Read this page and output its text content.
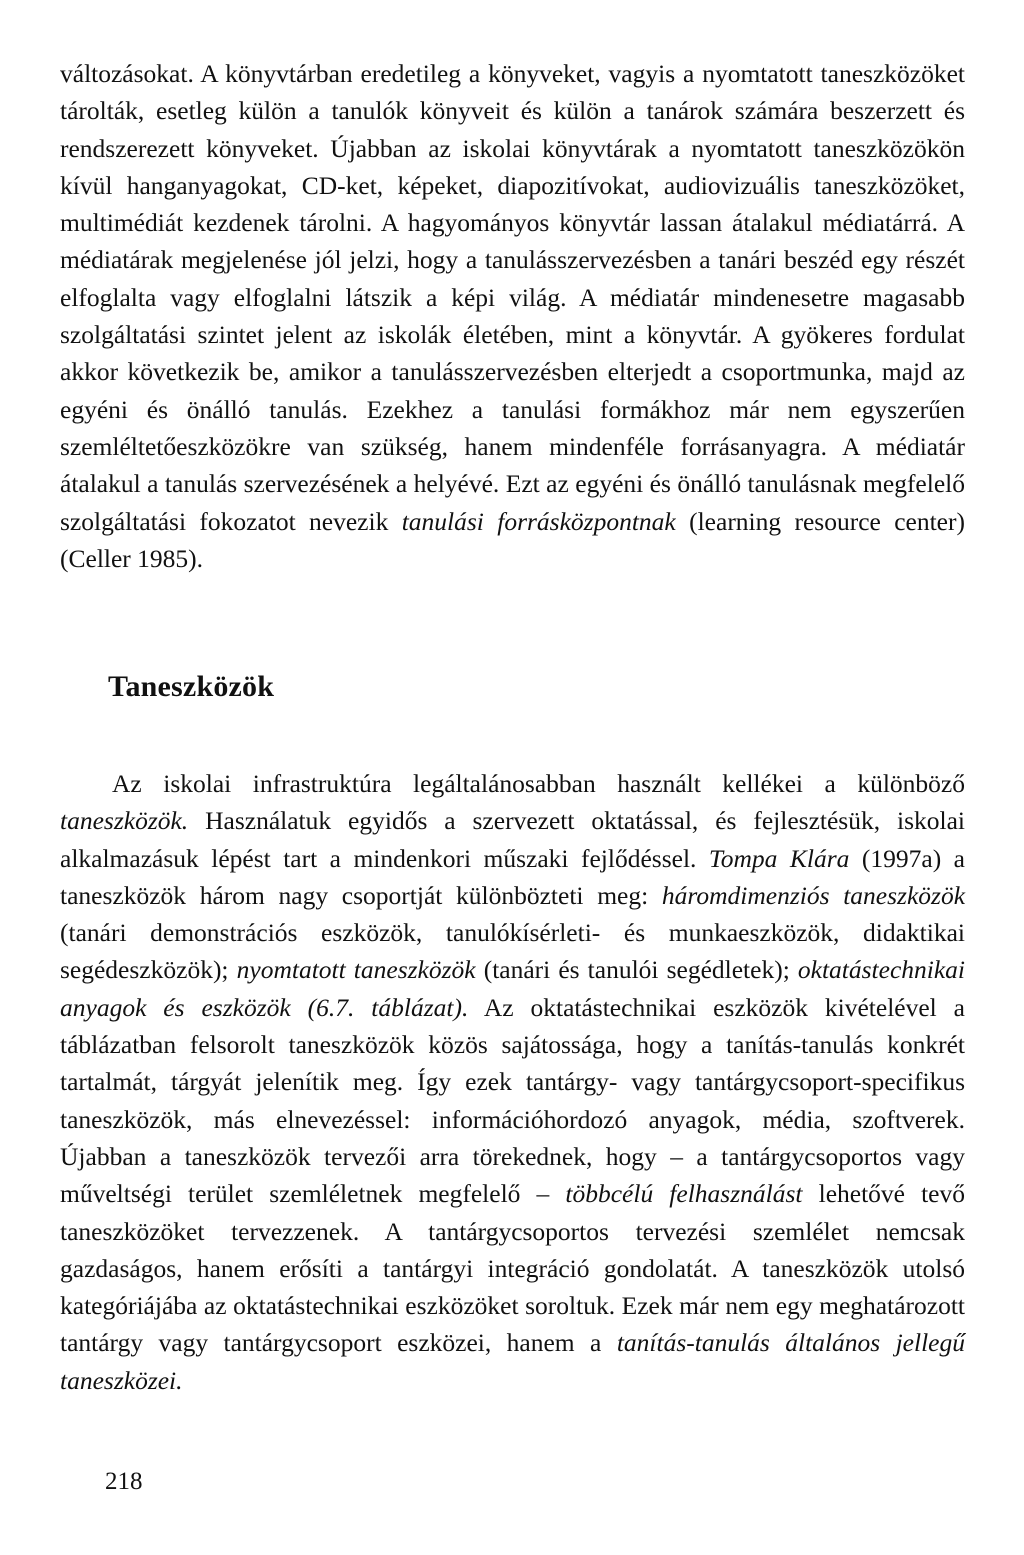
változásokat. A könyvtárban eredetileg a könyveket, vagyis a nyomtatott taneszközöket tárolták, esetleg külön a tanulók könyveit és külön a tanárok számára beszerzett és rendszerezett könyveket. Újabban az iskolai könyvtárak a nyomtatott taneszközökön kívül hanganyagokat, CD-ket, képeket, diapozitívokat, audiovizuális taneszközöket, multimédiát kezdenek tárolni. A hagyományos könyvtár lassan átalakul médiatárrá. A médiatárak megjelenése jól jelzi, hogy a tanulásszervezésben a tanári beszéd egy részét elfoglalta vagy elfoglalni látszik a képi világ. A médiatár mindenesetre magasabb szolgáltatási szintet jelent az iskolák életében, mint a könyvtár. A gyökeres fordulat akkor következik be, amikor a tanulásszervezésben elterjedt a csoportmunka, majd az egyéni és önálló tanulás. Ezekhez a tanulási formákhoz már nem egyszerűen szemléltetőeszközökre van szükség, hanem mindenféle forrásanyagra. A médiatár átalakul a tanulás szervezésének a helyévé. Ezt az egyéni és önálló tanulásnak megfelelő szolgáltatási fokozatot nevezik tanulási forrásközpontnak (learning resource center) (Celler 1985).

Taneszközök

Az iskolai infrastruktúra legáltalánosabban használt kellékei a különböző taneszközök. Használatuk egyidős a szervezett oktatással, és fejlesztésük, iskolai alkalmazásuk lépést tart a mindenkori műszaki fejlődéssel. Tompa Klára (1997a) a taneszközök három nagy csoportját különbözteti meg: háromdimenziós taneszközök (tanári demonstrációs eszközök, tanulókísérleti- és munkaeszközök, didaktikai segédeszközök); nyomtatott taneszközök (tanári és tanulói segédletek); oktatástechnikai anyagok és eszközök (6.7. táblázat). Az oktatástechnikai eszközök kivételével a táblázatban felsorolt taneszközök közös sajátossága, hogy a tanítás-tanulás konkrét tartalmát, tárgyát jelenítik meg. Így ezek tantárgy- vagy tantárgycsoport-specifikus taneszközök, más elnevezéssel: információhordozó anyagok, média, szoftverek. Újabban a taneszközök tervezői arra törekednek, hogy – a tantárgycsoportos vagy műveltségi terület szemléletnek megfelelő – többcélú felhasználást lehetővé tevő taneszközöket tervezzenek. A tantárgycsoportos tervezési szemlélet nemcsak gazdaságos, hanem erősíti a tantárgyi integráció gondolatát. A taneszközök utolsó kategóriájába az oktatástechnikai eszközöket soroltuk. Ezek már nem egy meghatározott tantárgy vagy tantárgycsoport eszközei, hanem a tanítás-tanulás általános jellegű taneszközei.

218
